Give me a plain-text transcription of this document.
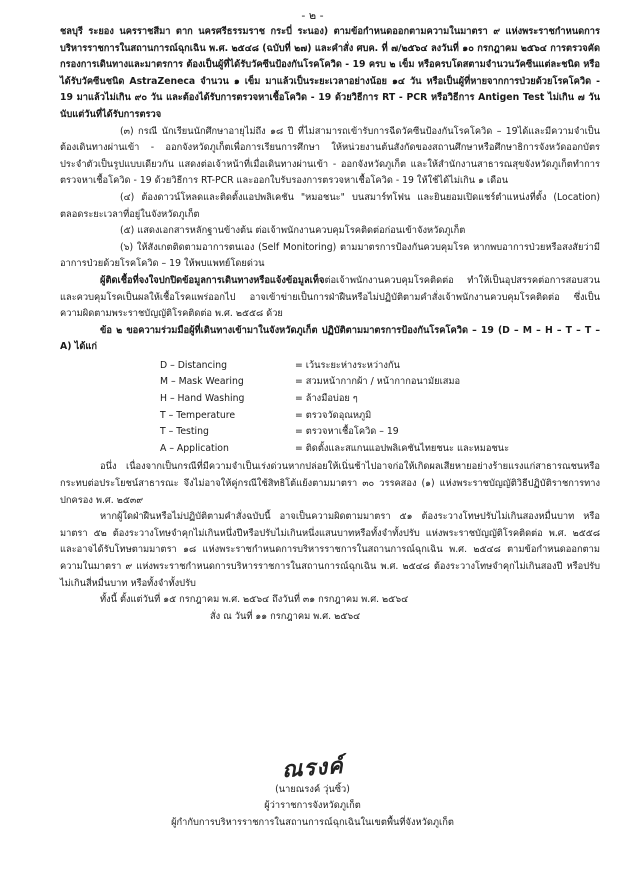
- ๒ -

ชลบุรี ระยอง นครราชสีมา ตาก นครศรีธรรมราช กระบี่ ระนอง) ตามข้อกำหนดออกตามความในมาตรา ๙ แห่งพระราชกำหนดการบริหารราชการในสถานการณ์ฉุกเฉิน พ.ศ. ๒๕๔๘ (ฉบับที่ ๒๗) และคำสั่ง ศบค. ที่ ๗/๒๕๖๔ ลงวันที่ ๑๐ กรกฎาคม ๒๕๖๔ การตรวจคัดกรองการเดินทางและมาตรการ ต้องเป็นผู้ที่ได้รับวัคซีนป้องกันโรคโควิด - 19 ครบ ๒ เข็ม หรือครบโดสตามจำนวนวัคซีนแต่ละชนิด หรือได้รับวัคซีนชนิด AstraZeneca จำนวน ๑ เข็ม มาแล้วเป็นระยะเวลาอย่างน้อย ๑๔ วัน หรือเป็นผู้ที่หายจากการป่วยด้วยโรคโควิด - 19 มาแล้วไม่เกิน ๙๐ วัน และต้องได้รับการตรวจหาเชื้อโควิด - 19 ด้วยวิธีการ RT - PCR หรือวิธีการ Antigen Test ไม่เกิน ๗ วัน นับแต่วันที่ได้รับการตรวจ

(๓) กรณี นักเรียนนักศึกษาอายุไม่ถึง ๑๘ ปี ที่ไม่สามารถเข้ารับการฉีดวัคซีนป้องกันโรคโควิด – 19ได้และมีความจำเป็นต้องเดินทางผ่านเข้า - ออกจังหวัดภูเก็ตเพื่อการเรียนการศึกษา ให้หน่วยงานต้นสังกัดของสถานศึกษาหรือศึกษาธิการจังหวัดออกบัตรประจำตัวเป็นรูปแบบเดียวกัน แสดงต่อเจ้าหน้าที่เมื่อเดินทางผ่านเข้า - ออกจังหวัดภูเก็ต และให้สำนักงานสาธารณสุขจังหวัดภูเก็ตทำการตรวจหาเชื้อโควิด - 19 ด้วยวิธีการ RT-PCR และออกใบรับรองการตรวจหาเชื้อโควิด - 19 ให้ใช้ได้ไม่เกิน ๑ เดือน

(๔) ต้องดาวน์โหลดและติดตั้งแอปพลิเคชัน "หมอชนะ" บนสมาร์ทโฟน และยินยอมเปิดแชร์ตำแหน่งที่ตั้ง (Location) ตลอดระยะเวลาที่อยู่ในจังหวัดภูเก็ต

(๕) แสดงเอกสารหลักฐานข้างต้น ต่อเจ้าพนักงานควบคุมโรคติดต่อก่อนเข้าจังหวัดภูเก็ต

(๖) ให้สังเกตติดตามอาการตนเอง (Self Monitoring) ตามมาตรการป้องกันควบคุมโรค หากพบอาการป่วยหรือสงสัยว่ามีอาการป่วยด้วยโรคโควิด – 19 ให้พบแพทย์โดยด่วน

ผู้ติดเชื้อที่จงใจปกปิดข้อมูลการเดินทางหรือแจ้งข้อมูลเท็จต่อเจ้าพนักงานควบคุมโรคติดต่อ ทำให้เป็นอุปสรรคต่อการสอบสวนและควบคุมโรคเป็นผลให้เชื้อโรคแพร่ออกไป อาจเข้าข่ายเป็นการฝ่าฝืนหรือไม่ปฏิบัติตามคำสั่งเจ้าพนักงานควบคุมโรคติดต่อ ซึ่งเป็นความผิดตามพระราชบัญญัติโรคติดต่อ พ.ศ. ๒๕๕๘ ด้วย

ข้อ ๒ ขอความร่วมมือผู้ที่เดินทางเข้ามาในจังหวัดภูเก็ต ปฏิบัติตามมาตรการป้องกันโรคโควิด – 19 (D – M – H – T – T – A) ได้แก่

D – Distancing	= เว้นระยะห่างระหว่างกัน
M – Mask Wearing	= สวมหน้ากากผ้า / หน้ากากอนามัยเสมอ
H – Hand Washing	= ล้างมือบ่อย ๆ
T – Temperature	= ตรวจวัดอุณหภูมิ
T – Testing	= ตรวจหาเชื้อโควิด – 19
A – Application	= ติดตั้งและสแกนแอปพลิเคชันไทยชนะ และหมอชนะ

อนึ่ง เนื่องจากเป็นกรณีที่มีความจำเป็นเร่งด่วนหากปล่อยให้เนิ่นช้าไปอาจก่อให้เกิดผลเสียหายอย่างร้ายแรงแก่สาธารณชนหรือกระทบต่อประโยชน์สาธารณะ จึงไม่อาจให้คู่กรณีใช้สิทธิโต้แย้งตามมาตรา ๓๐ วรรคสอง (๑) แห่งพระราชบัญญัติวิธีปฏิบัติราชการทางปกครอง พ.ศ. ๒๕๓๙

หากผู้ใดฝ่าฝืนหรือไม่ปฏิบัติตามคำสั่งฉบับนี้ อาจเป็นความผิดตามมาตรา ๕๑ ต้องระวางโทษปรับไม่เกินสองหมื่นบาท หรือมาตรา ๕๒ ต้องระวางโทษจำคุกไม่เกินหนึ่งปีหรือปรับไม่เกินหนึ่งแสนบาทหรือทั้งจำทั้งปรับ แห่งพระราชบัญญัติโรคติดต่อ พ.ศ. ๒๕๕๘ และอาจได้รับโทษตามมาตรา ๑๘ แห่งพระราชกำหนดการบริหารราชการในสถานการณ์ฉุกเฉิน พ.ศ. ๒๕๔๘ ตามข้อกำหนดออกตามความในมาตรา ๙ แห่งพระราชกำหนดการบริหารราชการในสถานการณ์ฉุกเฉิน พ.ศ. ๒๕๔๘ ต้องระวางโทษจำคุกไม่เกินสองปี หรือปรับไม่เกินสี่หมื่นบาท หรือทั้งจำทั้งปรับ

ทั้งนี้ ตั้งแต่วันที่ ๑๕ กรกฎาคม พ.ศ. ๒๕๖๔ ถึงวันที่ ๓๑ กรกฎาคม พ.ศ. ๒๕๖๔

สั่ง ณ วันที่ ๑๑ กรกฎาคม พ.ศ. ๒๕๖๔

ณรงค์
(นายณรงค์ วุ่นซิ้ว)
ผู้ว่าราชการจังหวัดภูเก็ต
ผู้กำกับการบริหารราชการในสถานการณ์ฉุกเฉินในเขตพื้นที่จังหวัดภูเก็ต
